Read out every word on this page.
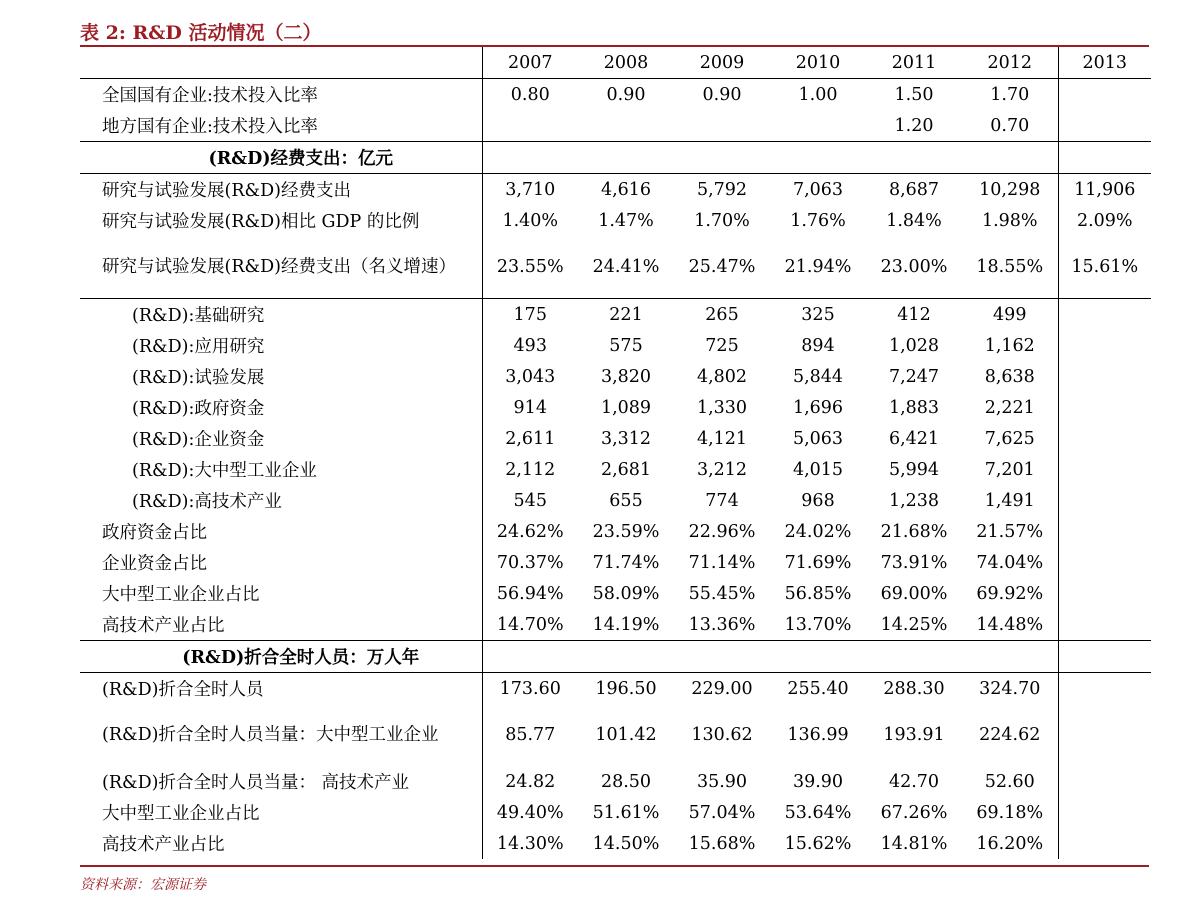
表 2: R&D 活动情况（二）
	2007	2008	2009	2010	2011	2012	2013
全国国有企业:技术投入比率	0.80	0.90	0.90	1.00	1.50	1.70	
地方国有企业:技术投入比率					1.20	0.70	
(R&D)经费支出：亿元							
研究与试验发展(R&D)经费支出	3,710	4,616	5,792	7,063	8,687	10,298	11,906
研究与试验发展(R&D)相比 GDP 的比例	1.40%	1.47%	1.70%	1.76%	1.84%	1.98%	2.09%
研究与试验发展(R&D)经费支出（名义增速）	23.55%	24.41%	25.47%	21.94%	23.00%	18.55%	15.61%
(R&D):基础研究	175	221	265	325	412	499	
(R&D):应用研究	493	575	725	894	1,028	1,162	
(R&D):试验发展	3,043	3,820	4,802	5,844	7,247	8,638	
(R&D):政府资金	914	1,089	1,330	1,696	1,883	2,221	
(R&D):企业资金	2,611	3,312	4,121	5,063	6,421	7,625	
(R&D):大中型工业企业	2,112	2,681	3,212	4,015	5,994	7,201	
(R&D):高技术产业	545	655	774	968	1,238	1,491	
政府资金占比	24.62%	23.59%	22.96%	24.02%	21.68%	21.57%	
企业资金占比	70.37%	71.74%	71.14%	71.69%	73.91%	74.04%	
大中型工业企业占比	56.94%	58.09%	55.45%	56.85%	69.00%	69.92%	
高技术产业占比	14.70%	14.19%	13.36%	13.70%	14.25%	14.48%	
(R&D)折合全时人员：万人年							
(R&D)折合全时人员	173.60	196.50	229.00	255.40	288.30	324.70	
(R&D)折合全时人员当量：大中型工业企业	85.77	101.42	130.62	136.99	193.91	224.62	
(R&D)折合全时人员当量： 高技术产业	24.82	28.50	35.90	39.90	42.70	52.60	
大中型工业企业占比	49.40%	51.61%	57.04%	53.64%	67.26%	69.18%	
高技术产业占比	14.30%	14.50%	15.68%	15.62%	14.81%	16.20%	
资料来源：宏源证券
